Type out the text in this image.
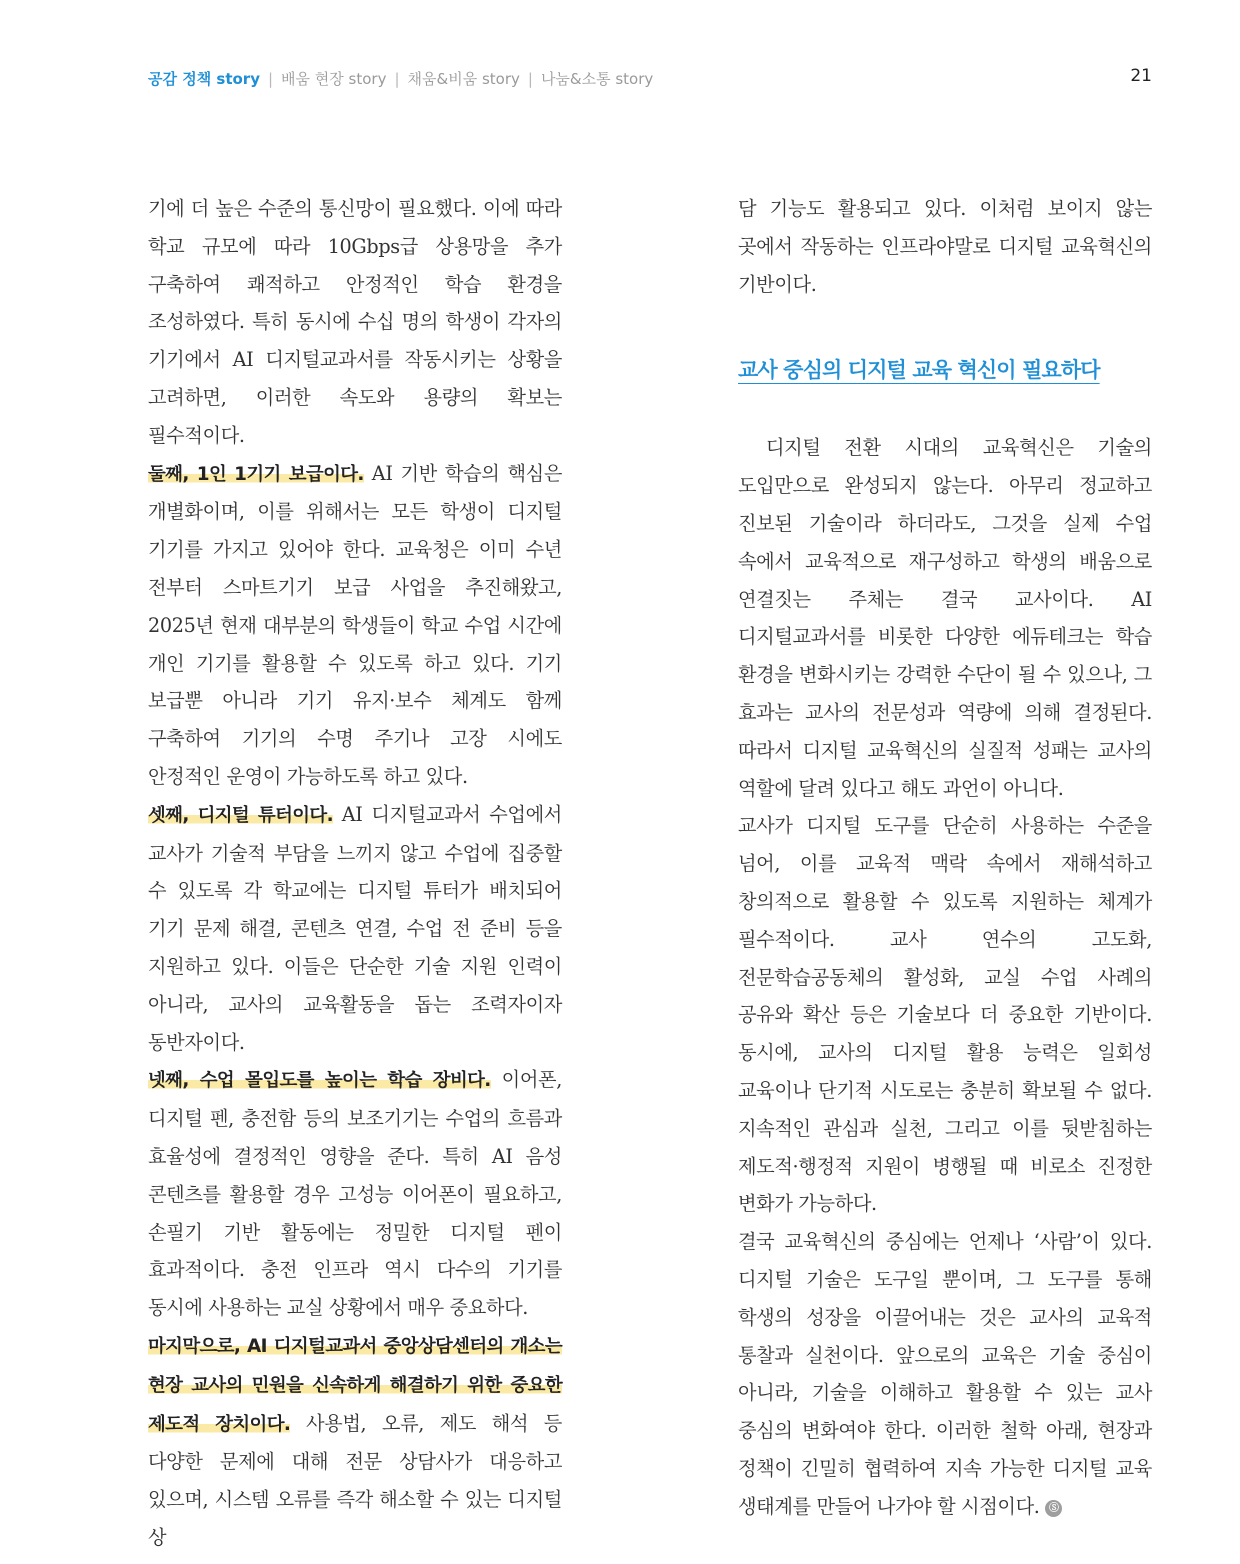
공감 정책 story | 배움 현장 story | 채움&비움 story | 나눔&소통 story	21

기에 더 높은 수준의 통신망이 필요했다. 이에 따라 학교 규모에 따라 10Gbps급 상용망을 추가 구축하여 쾌적하고 안정적인 학습 환경을 조성하였다. 특히 동시에 수십 명의 학생이 각자의 기기에서 AI 디지털교과서를 작동시키는 상황을 고려하면, 이러한 속도와 용량의 확보는 필수적이다.

둘째, 1인 1기기 보급이다. AI 기반 학습의 핵심은 개별화이며, 이를 위해서는 모든 학생이 디지털 기기를 가지고 있어야 한다. 교육청은 이미 수년 전부터 스마트기기 보급 사업을 추진해왔고, 2025년 현재 대부분의 학생들이 학교 수업 시간에 개인 기기를 활용할 수 있도록 하고 있다. 기기 보급뿐 아니라 기기 유지·보수 체계도 함께 구축하여 기기의 수명 주기나 고장 시에도 안정적인 운영이 가능하도록 하고 있다.

셋째, 디지털 튜터이다. AI 디지털교과서 수업에서 교사가 기술적 부담을 느끼지 않고 수업에 집중할 수 있도록 각 학교에는 디지털 튜터가 배치되어 기기 문제 해결, 콘텐츠 연결, 수업 전 준비 등을 지원하고 있다. 이들은 단순한 기술 지원 인력이 아니라, 교사의 교육활동을 돕는 조력자이자 동반자이다.

넷째, 수업 몰입도를 높이는 학습 장비다. 이어폰, 디지털 펜, 충전함 등의 보조기기는 수업의 흐름과 효율성에 결정적인 영향을 준다. 특히 AI 음성 콘텐츠를 활용할 경우 고성능 이어폰이 필요하고, 손필기 기반 활동에는 정밀한 디지털 펜이 효과적이다. 충전 인프라 역시 다수의 기기를 동시에 사용하는 교실 상황에서 매우 중요하다.

마지막으로, AI 디지털교과서 중앙상담센터의 개소는 현장 교사의 민원을 신속하게 해결하기 위한 중요한 제도적 장치이다. 사용법, 오류, 제도 해석 등 다양한 문제에 대해 전문 상담사가 대응하고 있으며, 시스템 오류를 즉각 해소할 수 있는 디지털 상

담 기능도 활용되고 있다. 이처럼 보이지 않는 곳에서 작동하는 인프라야말로 디지털 교육혁신의 기반이다.

교사 중심의 디지털 교육 혁신이 필요하다

디지털 전환 시대의 교육혁신은 기술의 도입만으로 완성되지 않는다. 아무리 정교하고 진보된 기술이라 하더라도, 그것을 실제 수업 속에서 교육적으로 재구성하고 학생의 배움으로 연결짓는 주체는 결국 교사이다. AI 디지털교과서를 비롯한 다양한 에듀테크는 학습 환경을 변화시키는 강력한 수단이 될 수 있으나, 그 효과는 교사의 전문성과 역량에 의해 결정된다. 따라서 디지털 교육혁신의 실질적 성패는 교사의 역할에 달려 있다고 해도 과언이 아니다.

교사가 디지털 도구를 단순히 사용하는 수준을 넘어, 이를 교육적 맥락 속에서 재해석하고 창의적으로 활용할 수 있도록 지원하는 체계가 필수적이다. 교사 연수의 고도화, 전문학습공동체의 활성화, 교실 수업 사례의 공유와 확산 등은 기술보다 더 중요한 기반이다. 동시에, 교사의 디지털 활용 능력은 일회성 교육이나 단기적 시도로는 충분히 확보될 수 없다. 지속적인 관심과 실천, 그리고 이를 뒷받침하는 제도적·행정적 지원이 병행될 때 비로소 진정한 변화가 가능하다.

결국 교육혁신의 중심에는 언제나 ‘사람’이 있다. 디지털 기술은 도구일 뿐이며, 그 도구를 통해 학생의 성장을 이끌어내는 것은 교사의 교육적 통찰과 실천이다. 앞으로의 교육은 기술 중심이 아니라, 기술을 이해하고 활용할 수 있는 교사 중심의 변화여야 한다. 이러한 철학 아래, 현장과 정책이 긴밀히 협력하여 지속 가능한 디지털 교육 생태계를 만들어 나가야 할 시점이다. Ⓢ
